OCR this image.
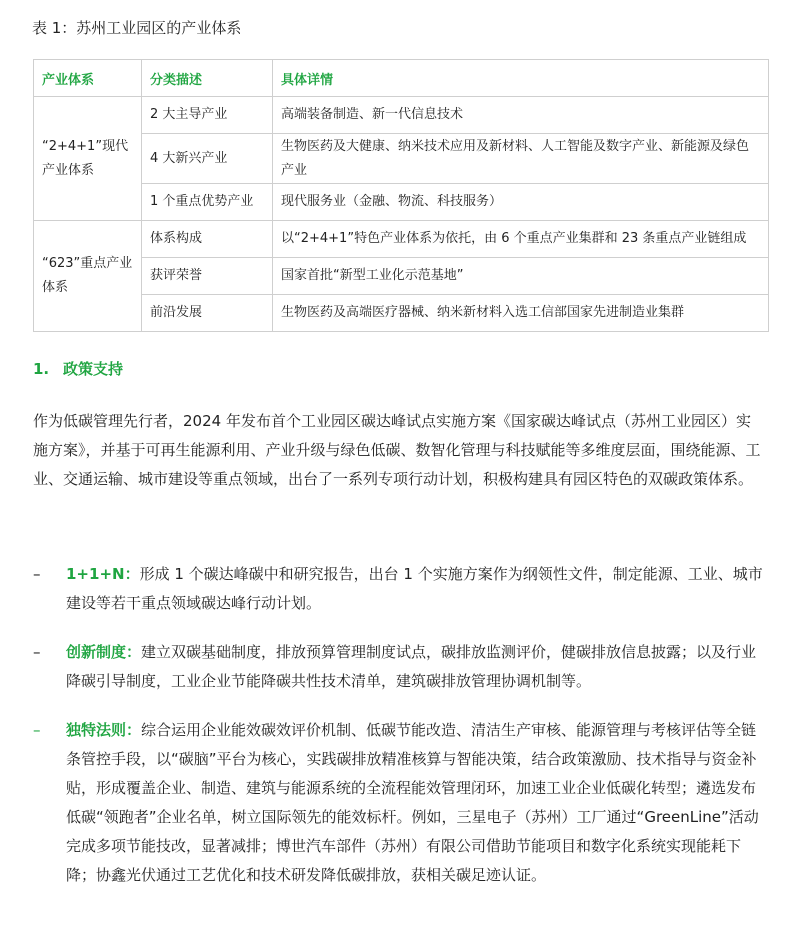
表 1：苏州工业园区的产业体系
产业体系	分类描述	具体详情
“2+4+1”现代产业体系	2 大主导产业	高端装备制造、新一代信息技术
	4 大新兴产业	生物医药及大健康、纳米技术应用及新材料、人工智能及数字产业、新能源及绿色产业
	1 个重点优势产业	现代服务业（金融、物流、科技服务）
“623”重点产业体系	体系构成	以“2+4+1”特色产业体系为依托，由 6 个重点产业集群和 23 条重点产业链组成
	获评荣誉	国家首批“新型工业化示范基地”
	前沿发展	生物医药及高端医疗器械、纳米新材料入选工信部国家先进制造业集群
1. 政策支持
作为低碳管理先行者，2024 年发布首个工业园区碳达峰试点实施方案《国家碳达峰试点（苏州工业园区）实施方案》，并基于可再生能源利用、产业升级与绿色低碳、数智化管理与科技赋能等多维度层面，围绕能源、工业、交通运输、城市建设等重点领域，出台了一系列专项行动计划，积极构建具有园区特色的双碳政策体系。
– 1+1+N：形成 1 个碳达峰碳中和研究报告，出台 1 个实施方案作为纲领性文件，制定能源、工业、城市建设等若干重点领域碳达峰行动计划。
– 创新制度：建立双碳基础制度，排放预算管理制度试点，碳排放监测评价，健碳排放信息披露；以及行业降碳引导制度，工业企业节能降碳共性技术清单，建筑碳排放管理协调机制等。
– 独特法则：综合运用企业能效碳效评价机制、低碳节能改造、清洁生产审核、能源管理与考核评估等全链条管控手段，以“碳脑”平台为核心，实践碳排放精准核算与智能决策，结合政策激励、技术指导与资金补贴，形成覆盖企业、制造、建筑与能源系统的全流程能效管理闭环，加速工业企业低碳化转型；遴选发布低碳“领跑者”企业名单，树立国际领先的能效标杆。例如，三星电子（苏州）工厂通过“GreenLine”活动完成多项节能技改，显著减排；博世汽车部件（苏州）有限公司借助节能项目和数字化系统实现能耗下降；协鑫光伏通过工艺优化和技术研发降低碳排放，获相关碳足迹认证。
